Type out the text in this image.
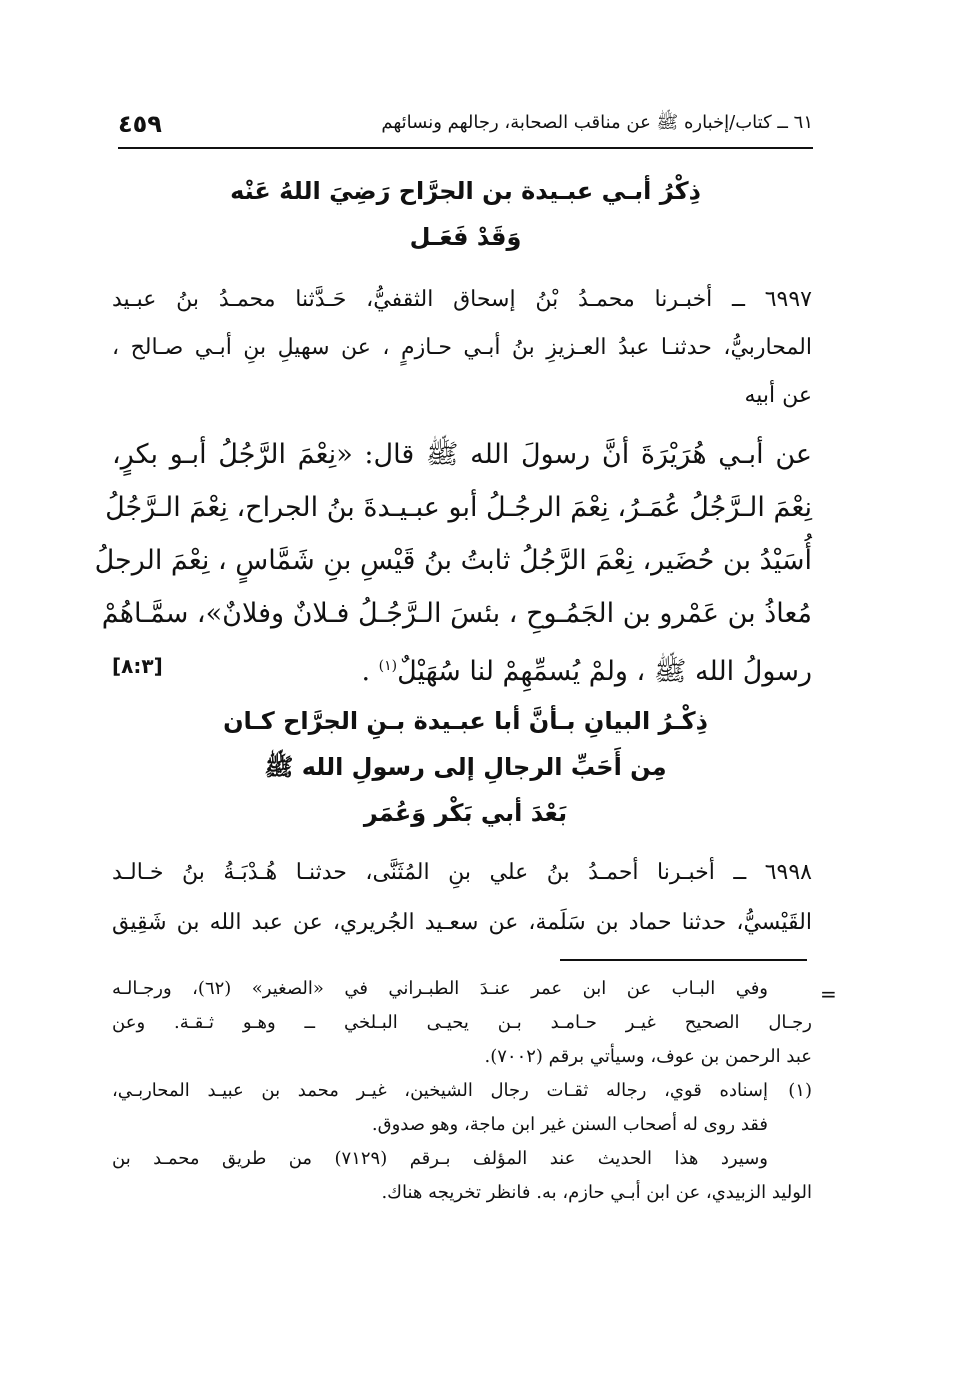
٦١ ــ كتاب/إخباره ﷺ عن مناقب الصحابة، رجالهم ونسائهم
٤٥٩
ذِكْرُ أبـي عبـيدة بن الجرَّاح رَضِيَ اللهُ عَنْه
وَقَدْ فَعَـل
٦٩٩٧ ــ أخبـرنا محمـدُ بْنُ إسحاق الثقفيُّ، حَـدَّثنا محمـدُ بنُ عبـيد
المحاربيُّ، حدثنـا عبدُ العـزيزِ بنُ أبـي حـازمٍ ، عن سهيلِ بنِ أبـي صـالح ،
عن أبيه
عن أبـي هُرَيْرَةَ أنَّ رسولَ الله ﷺ قال: «نِعْمَ الرَّجُلُ أبـو بكرٍ،
نِعْمَ الـرَّجُلُ عُمَـرُ، نِعْمَ الرجُـلُ أبو عبـيـدةَ بنُ الجراح، نِعْمَ الـرَّجُلُ
أُسَيْدُ بن حُضَير، نِعْمَ الرَّجُلُ ثابتُ بنُ قَيْسِ بنِ شَمَّاسٍ ، نِعْمَ الرجلُ
مُعاذُ بن عَمْرو بن الجَمُـوحِ ، بئسَ الـرَّجُـلُ فـلانٌ وفلانٌ»، سمَّـاهُمْ
رسولُ الله ﷺ ، ولمْ يُسمِّهِمْ لنا سُهَيْلٌ$^{(١)}$ .
[٨:٣]
ذِكْـرُ البيانِ بـأنَّ أبا عبـيدة بـنِ الجرَّاح كـان
مِن أَحَبِّ الرجالِ إلى رسولِ الله ﷺ
بَعْدَ أبي بَكْر وَعُمَر
٦٩٩٨ ــ أخبـرنا أحمـدُ بنُ علي بنِ المُثَنَّى، حدثنـا هُـدْبَـةُ بنُ خـالـد
القَيْسيُّ، حدثنا حماد بن سَلَمة، عن سعـيد الجُريري، عن عبد الله بن شَقِيق
=
وفي البـاب عن ابن عمر عنـدَ الطبـراني في «الصغير» (٦٢)، ورجـالـه
رجـال الصحيح غيـر حـامـد بـن يحيـى البـلخي ــ وهـو ثـقـة. وعن
عبد الرحمن بن عوف، وسيأتي برقم (٧٠٠٢).
(١)
إسناده قوي، رجاله ثقـات رجال الشيخين، غيـر محمد بن عبيـد المحاربـي،
فقد روى له أصحاب السنن غير ابن ماجة، وهو صدوق.
وسيرد هذا الحديث عند المؤلف بـرقم (٧١٢٩) من طريق محمـد بن
الوليد الزبيدي، عن ابن أبـي حازم، به. فانظر تخريجه هناك.
